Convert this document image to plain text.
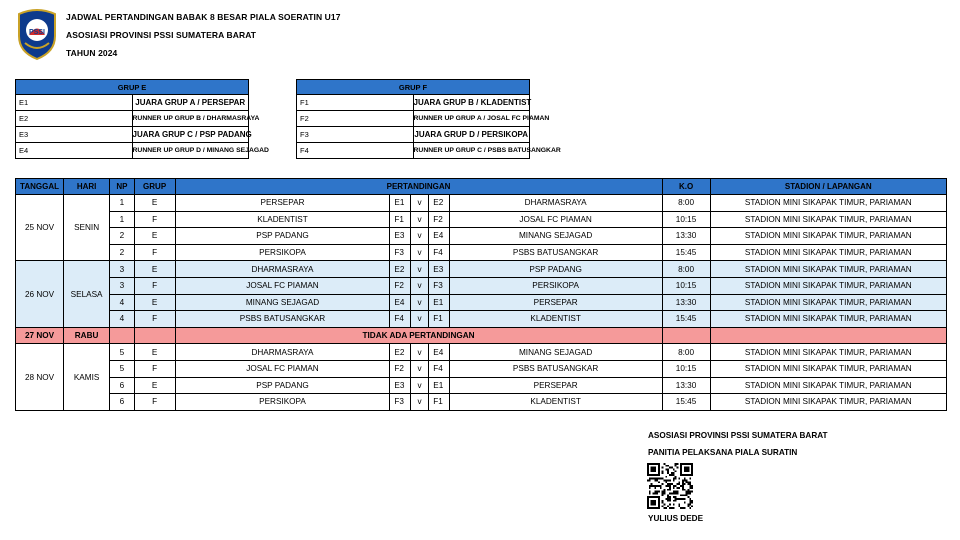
PSSI
JADWAL PERTANDINGAN BABAK 8 BESAR PIALA SOERATIN U17
ASOSIASI PROVINSI PSSI SUMATERA BARAT
TAHUN 2024
GRUP E	
E1	JUARA GRUP A / PERSEPAR
E2	RUNNER UP GRUP B / DHARMASRAYA
E3	JUARA GRUP C / PSP PADANG
E4	RUNNER UP GRUP D / MINANG SEJAGAD
GRUP F	
F1	JUARA GRUP B / KLADENTIST
F2	RUNNER UP GRUP A / JOSAL FC PIAMAN
F3	JUARA GRUP D / PERSIKOPA
F4	RUNNER UP GRUP C / PSBS BATUSANGKAR
TANGGAL	HARI	NP	GRUP	PERTANDINGAN					K.O	STADION / LAPANGAN
25 NOV	SENIN	1	E	PERSEPAR	E1	v	E2	DHARMASRAYA	8:00	STADION MINI SIKAPAK TIMUR, PARIAMAN
		1	F	KLADENTIST	F1	v	F2	JOSAL FC PIAMAN	10:15	STADION MINI SIKAPAK TIMUR, PARIAMAN
		2	E	PSP PADANG	E3	v	E4	MINANG SEJAGAD	13:30	STADION MINI SIKAPAK TIMUR, PARIAMAN
		2	F	PERSIKOPA	F3	v	F4	PSBS BATUSANGKAR	15:45	STADION MINI SIKAPAK TIMUR, PARIAMAN
26 NOV	SELASA	3	E	DHARMASRAYA	E2	v	E3	PSP PADANG	8:00	STADION MINI SIKAPAK TIMUR, PARIAMAN
		3	F	JOSAL FC PIAMAN	F2	v	F3	PERSIKOPA	10:15	STADION MINI SIKAPAK TIMUR, PARIAMAN
		4	E	MINANG SEJAGAD	E4	v	E1	PERSEPAR	13:30	STADION MINI SIKAPAK TIMUR, PARIAMAN
		4	F	PSBS BATUSANGKAR	F4	v	F1	KLADENTIST	15:45	STADION MINI SIKAPAK TIMUR, PARIAMAN
27 NOV	RABU			TIDAK ADA PERTANDINGAN						
28 NOV	KAMIS	5	E	DHARMASRAYA	E2	v	E4	MINANG SEJAGAD	8:00	STADION MINI SIKAPAK TIMUR, PARIAMAN
		5	F	JOSAL FC PIAMAN	F2	v	F4	PSBS BATUSANGKAR	10:15	STADION MINI SIKAPAK TIMUR, PARIAMAN
		6	E	PSP PADANG	E3	v	E1	PERSEPAR	13:30	STADION MINI SIKAPAK TIMUR, PARIAMAN
		6	F	PERSIKOPA	F3	v	F1	KLADENTIST	15:45	STADION MINI SIKAPAK TIMUR, PARIAMAN
ASOSIASI PROVINSI PSSI SUMATERA BARAT
PANITIA PELAKSANA PIALA SURATIN
YULIUS DEDE
